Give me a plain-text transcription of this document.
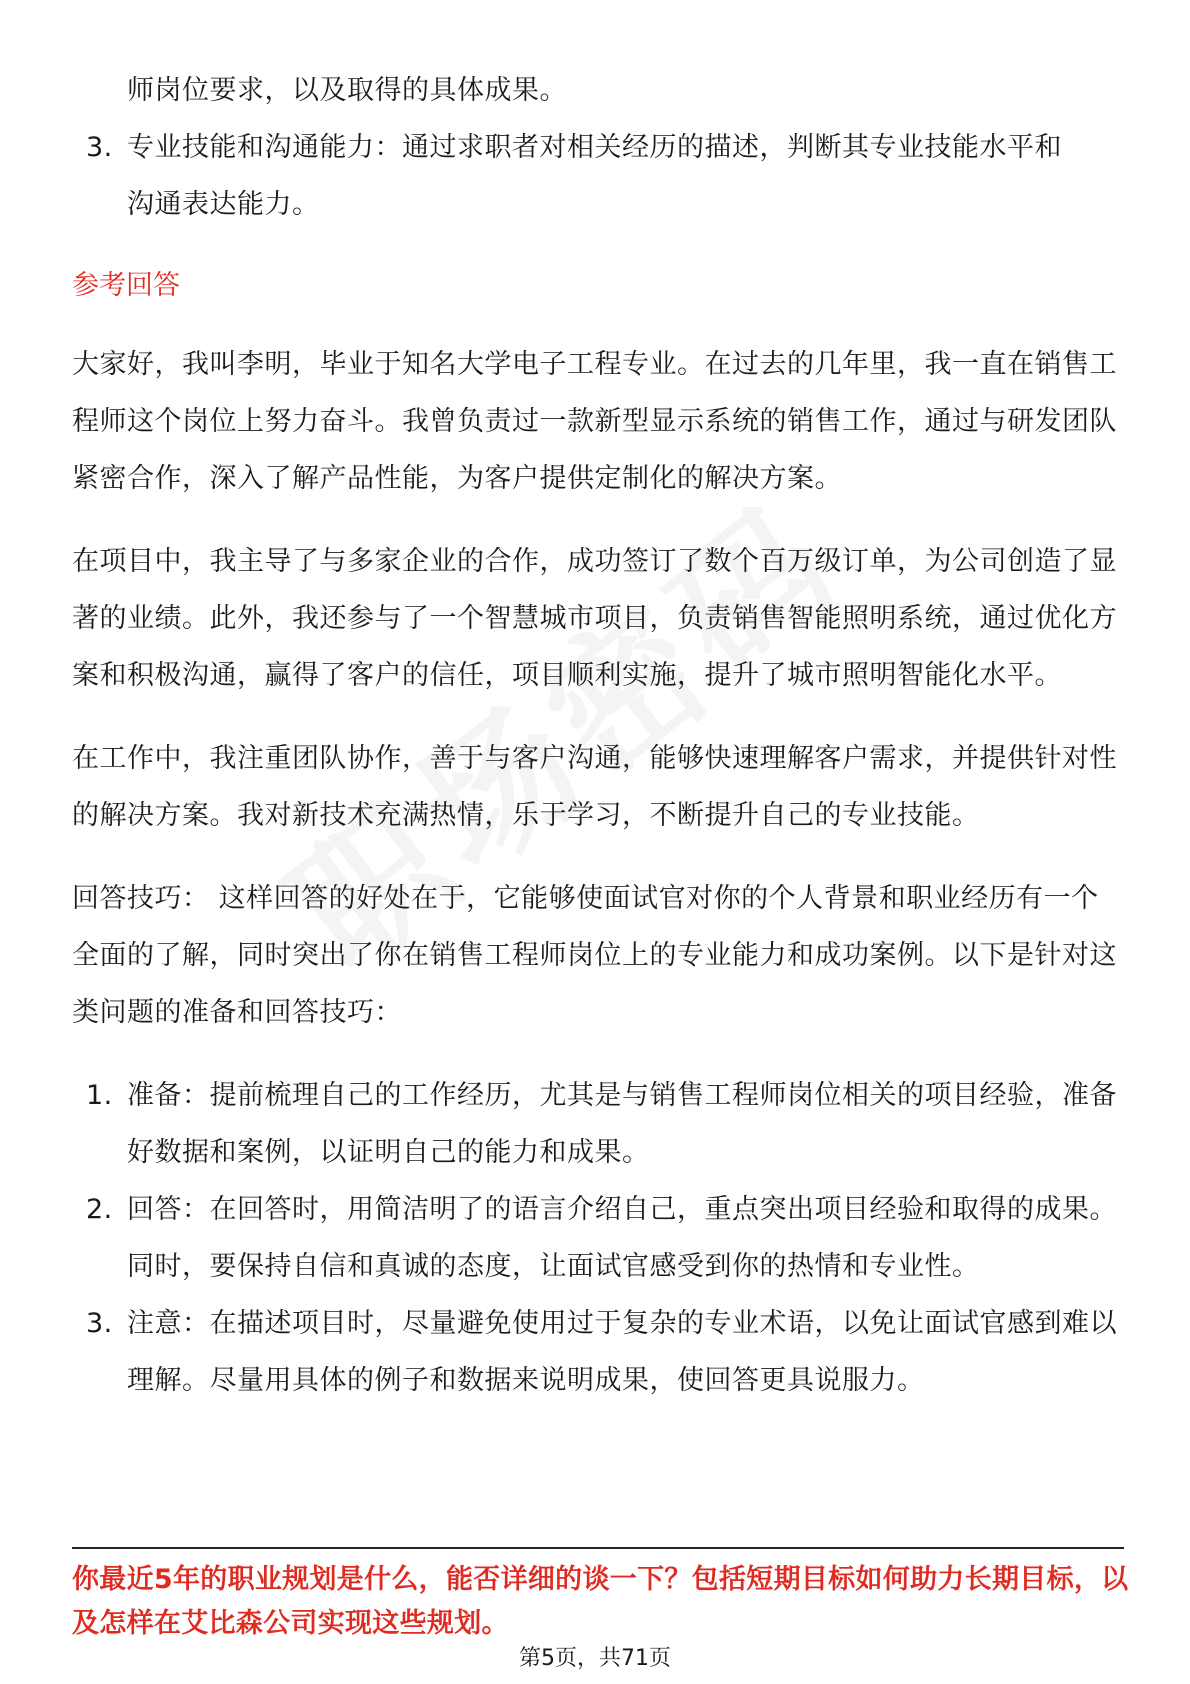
师岗位要求，以及取得的具体成果。
3. 专业技能和沟通能力：通过求职者对相关经历的描述，判断其专业技能水平和
沟通表达能力。
参考回答

大家好，我叫李明，毕业于知名大学电子工程专业。在过去的几年里，我一直在销售工程师这个岗位上努力奋斗。我曾负责过一款新型显示系统的销售工作，通过与研发团队紧密合作，深入了解产品性能，为客户提供定制化的解决方案。

在项目中，我主导了与多家企业的合作，成功签订了数个百万级订单，为公司创造了显著的业绩。此外，我还参与了一个智慧城市项目，负责销售智能照明系统，通过优化方案和积极沟通，赢得了客户的信任，项目顺利实施，提升了城市照明智能化水平。

在工作中，我注重团队协作，善于与客户沟通，能够快速理解客户需求，并提供针对性的解决方案。我对新技术充满热情，乐于学习，不断提升自己的专业技能。

回答技巧： 这样回答的好处在于，它能够使面试官对你的个人背景和职业经历有一个全面的了解，同时突出了你在销售工程师岗位上的专业能力和成功案例。以下是针对这类问题的准备和回答技巧：

1. 准备：提前梳理自己的工作经历，尤其是与销售工程师岗位相关的项目经验，准备好数据和案例，以证明自己的能力和成果。
2. 回答：在回答时，用简洁明了的语言介绍自己，重点突出项目经验和取得的成果。同时，要保持自信和真诚的态度，让面试官感受到你的热情和专业性。
3. 注意：在描述项目时，尽量避免使用过于复杂的专业术语，以免让面试官感到难以理解。尽量用具体的例子和数据来说明成果，使回答更具说服力。
你最近5年的职业规划是什么，能否详细的谈一下？包括短期目标如何助力长期目标，以及怎样在艾比森公司实现这些规划。
第5页，共71页
